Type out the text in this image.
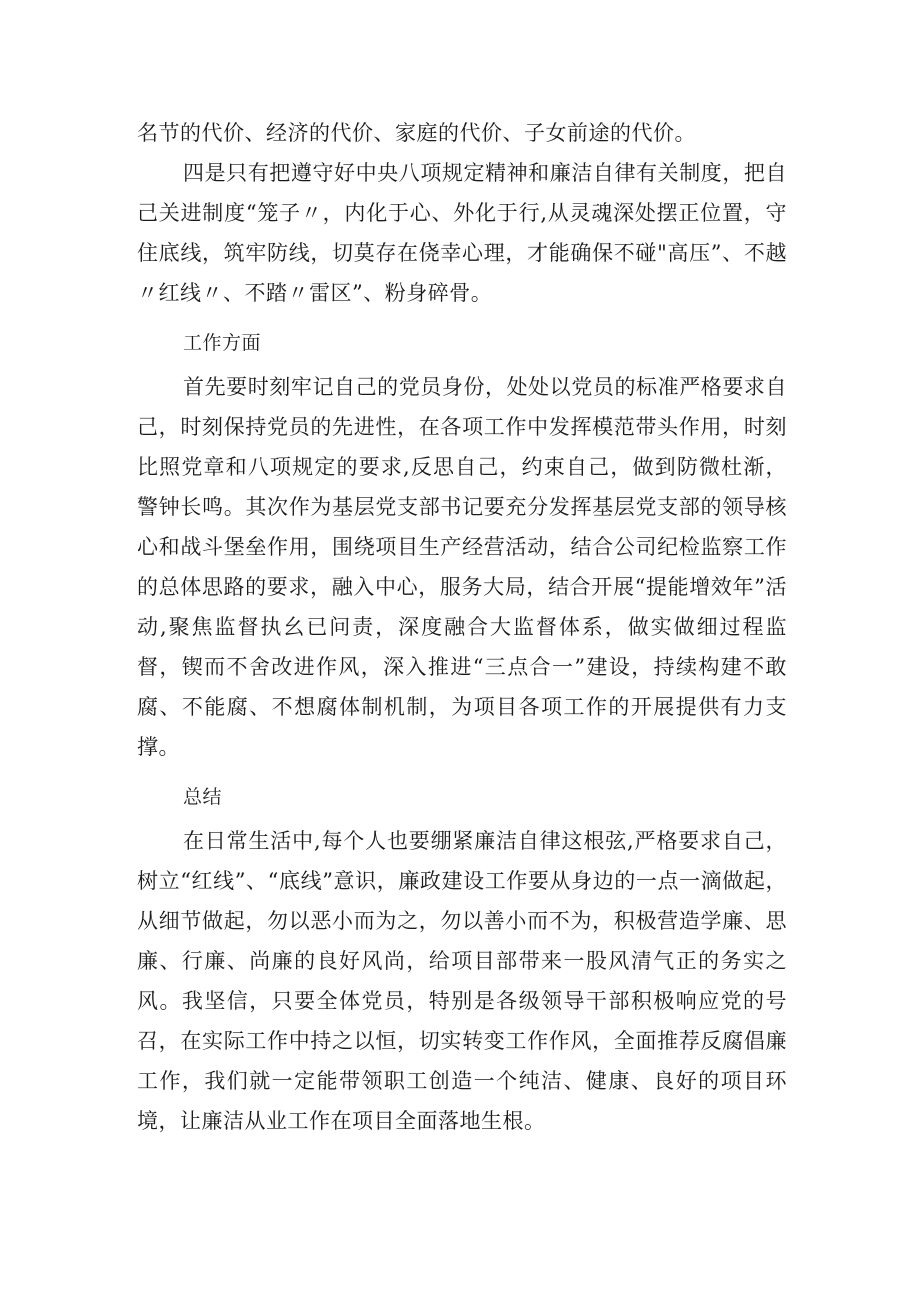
名节的代价、经济的代价、家庭的代价、子女前途的代价。

四是只有把遵守好中央八项规定精神和廉洁自律有关制度，把自己关进制度“笼子〃，内化于心、外化于行,从灵魂深处摆正位置，守住底线，筑牢防线，切莫存在侥幸心理，才能确保不碰"高压”、不越〃红线〃、不踏〃雷区”、粉身碎骨。

工作方面

首先要时刻牢记自己的党员身份，处处以党员的标准严格要求自己，时刻保持党员的先进性，在各项工作中发挥模范带头作用，时刻比照党章和八项规定的要求,反思自己，约束自己，做到防微杜渐，警钟长鸣。其次作为基层党支部书记要充分发挥基层党支部的领导核心和战斗堡垒作用，围绕项目生产经营活动，结合公司纪检监察工作的总体思路的要求，融入中心，服务大局，结合开展“提能增效年”活动,聚焦监督执幺已问责，深度融合大监督体系，做实做细过程监督，锲而不舍改进作风，深入推进“三点合一”建设，持续构建不敢腐、不能腐、不想腐体制机制，为项目各项工作的开展提供有力支撑。

总结

在日常生活中,每个人也要绷紧廉洁自律这根弦,严格要求自己，树立“红线”、“底线”意识，廉政建设工作要从身边的一点一滴做起，从细节做起，勿以恶小而为之，勿以善小而不为，积极营造学廉、思廉、行廉、尚廉的良好风尚，给项目部带来一股风清气正的务实之风。我坚信，只要全体党员，特别是各级领导干部积极响应党的号召，在实际工作中持之以恒，切实转变工作作风，全面推荐反腐倡廉工作，我们就一定能带领职工创造一个纯洁、健康、良好的项目环境，让廉洁从业工作在项目全面落地生根。
